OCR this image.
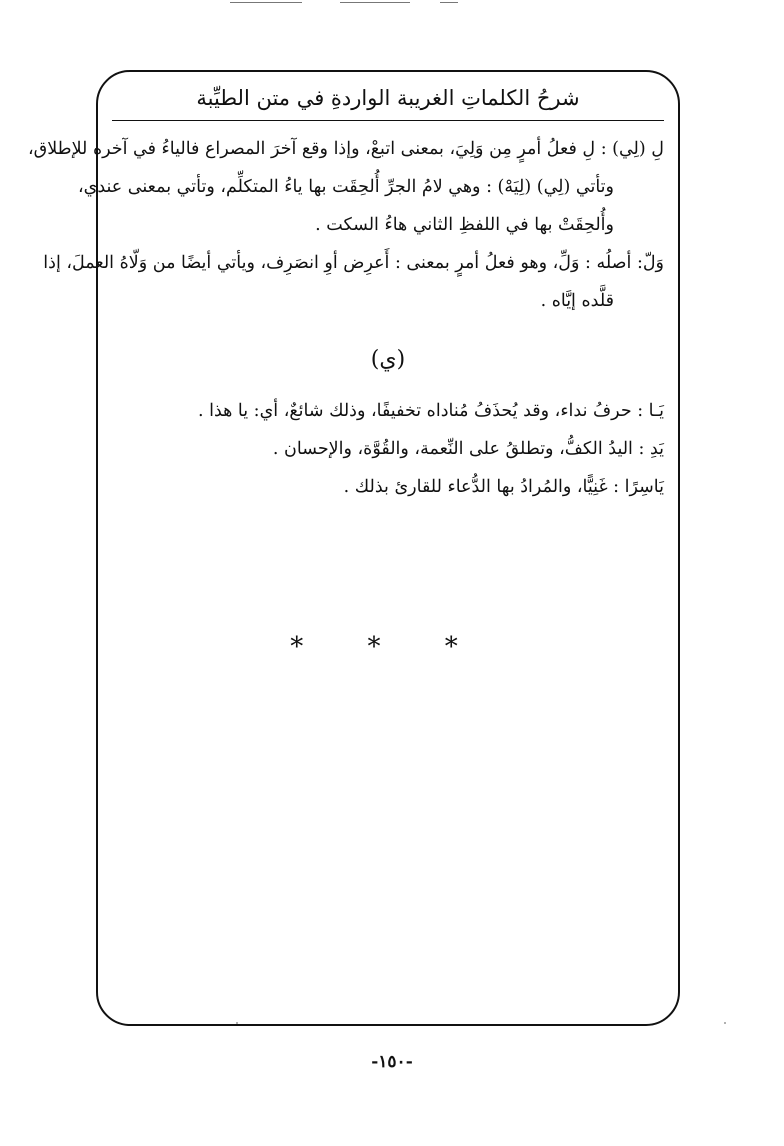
شرحُ الكلماتِ الغريبة الواردةِ في متن الطيِّبة
لِ (لِي) : لِ فعلُ أمرٍ مِن وَلِيَ، بمعنى اتبعْ، وإذا وقع آخرَ المصراع فالياءُ في آخره للإطلاق،
وتأتي (لِي) (لِيَهْ) : وهي لامُ الجرِّ أُلحِقَت بها ياءُ المتكلِّم، وتأتي بمعنى عندي،
وأُلحِقَتْ بها في اللفظِ الثاني هاءُ السكت .
وَلّ: أصلُه : وَلِّ، وهو فعلُ أمرٍ بمعنى : أَعرِض أوِ انصَرِف، ويأتي أيضًا من وَلّاهُ العملَ، إذا
قلَّده إيَّاه .
(ي)
يَـا : حرفُ نداء، وقد يُحذَفُ مُناداه تخفيفًا، وذلك شائعٌ، أي: يا هذا .
يَدِ : اليدُ الكفُّ، وتطلقُ على النِّعمة، والقُوَّة، والإحسان .
يَاسِرًا : غَنِيًّا، والمُرادُ بها الدُّعاء للقارئ بذلك .
* * *
-١٥٠-
